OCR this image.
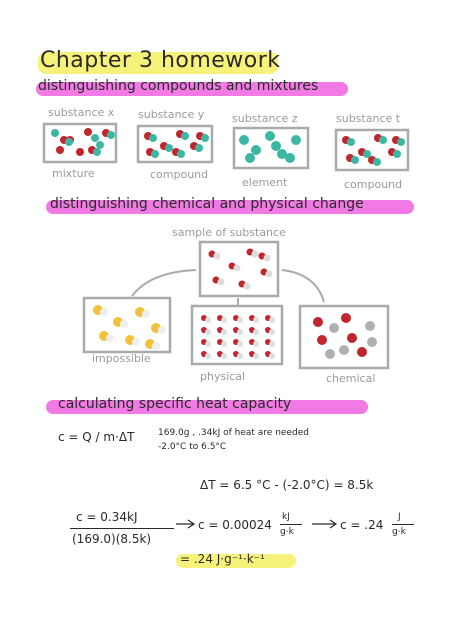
Chapter 3 homework
distinguishing compounds and mixtures
substance x substance y	substance z	substance t
mixture	compound
element	compound
distinguishing chemical and physical change
sample of substance
impossible
physical	chemical
calculating specific heat capacity
c = Q / m·ΔT	169.0g , .34kJ of heat are needed
-2.0°C to 6.5°C
ΔT = 6.5 °C - (-2.0°C) = 8.5k
c = 0.34kJ
(169.0)(8.5k)
c = 0.00024
kJ
g·k	c = .24
J
g·k
= .24 J·g⁻¹·k⁻¹
